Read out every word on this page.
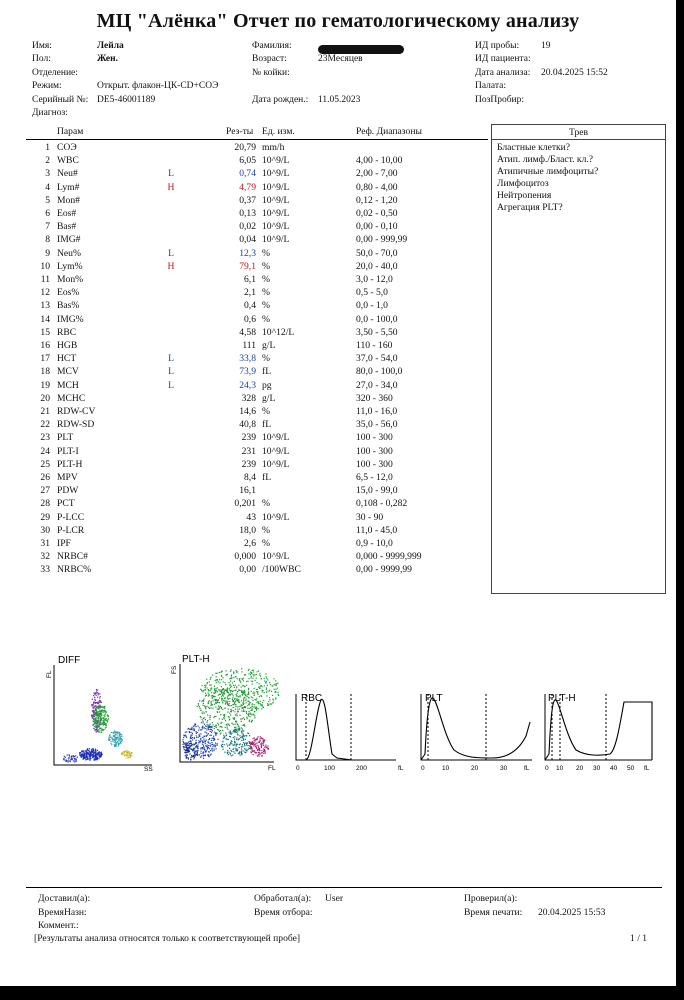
МЦ "Алёнка" Отчет по гематологическому анализу
Имя:	Лейла
Пол:	Жен.
Отделение:
Режим:	Открыт. флакон-ЦК-CD+СОЭ
Серийный №: DE5-46001189
Диагноз:
Фамилия:
Возраст:	23Месяцев
№ койки:
Дата рожден.: 11.05.2023
ИД пробы: 19
ИД пациента:
Дата анализа: 20.04.2025 15:52
Палата:
ПозПробир:
Парам	Рез-ты Ед. изм.	Реф. Диапазоны
1 СОЭ	20,79 mm/h
2 WBC	6,05 10^9/L	4,00 - 10,00
3 Neu#	L	0,74 10^9/L	2,00 - 7,00
4 Lym#	H	4,79 10^9/L	0,80 - 4,00
5 Mon#	0,37 10^9/L	0,12 - 1,20
6 Eos#	0,13 10^9/L	0,02 - 0,50
7 Bas#	0,02 10^9/L	0,00 - 0,10
8 IMG#	0,04 10^9/L	0,00 - 999,99
9 Neu%	L	12,3 %	50,0 - 70,0
10 Lym%	H	79,1 %	20,0 - 40,0
11 Mon%	6,1 %	3,0 - 12,0
12 Eos%	2,1 %	0,5 - 5,0
13 Bas%	0,4 %	0,0 - 1,0
14 IMG%	0,6 %	0,0 - 100,0
15 RBC	4,58 10^12/L	3,50 - 5,50
16 HGB	111 g/L	110 - 160
17 HCT	L	33,8 %	37,0 - 54,0
18 MCV	L	73,9 fL	80,0 - 100,0
19 MCH	L	24,3 pg	27,0 - 34,0
20 MCHC	328 g/L	320 - 360
21 RDW-CV	14,6 %	11,0 - 16,0
22 RDW-SD	40,8 fL	35,0 - 56,0
23 PLT	239 10^9/L	100 - 300
24 PLT-I	231 10^9/L	100 - 300
25 PLT-H	239 10^9/L	100 - 300
26 MPV	8,4 fL	6,5 - 12,0
27 PDW	16,1	15,0 - 99,0
28 PCT	0,201 %	0,108 - 0,282
29 P-LCC	43 10^9/L	30 - 90
30 P-LCR	18,0 %	11,0 - 45,0
31 IPF	2,6 %	0,9 - 10,0
32 NRBC#	0,000 10^9/L	0,000 - 9999,999
33 NRBC%	0,00 /100WBC	0,00 - 9999,99
Трев
Бластные клетки?
Атип. лимф./Бласт. кл.?
Атипичные лимфоциты?
Лимфоцитоз
Нейтропения
Агрегация PLT?
DIFF
FL
SS
PLT-H
FS
FL
RBC
0	100	200	fL
PLT
0	10	20	30	fL
PLT-H
0 10 20 30 40 50 fL
Доставил(а):
ВремяНазн:
Коммент.:
[Результаты анализа относятся только к соответствующей пробе]
Обработал(а): User
Время отбора:
Проверил(а):
Время печати: 20.04.2025 15:53
1 / 1
